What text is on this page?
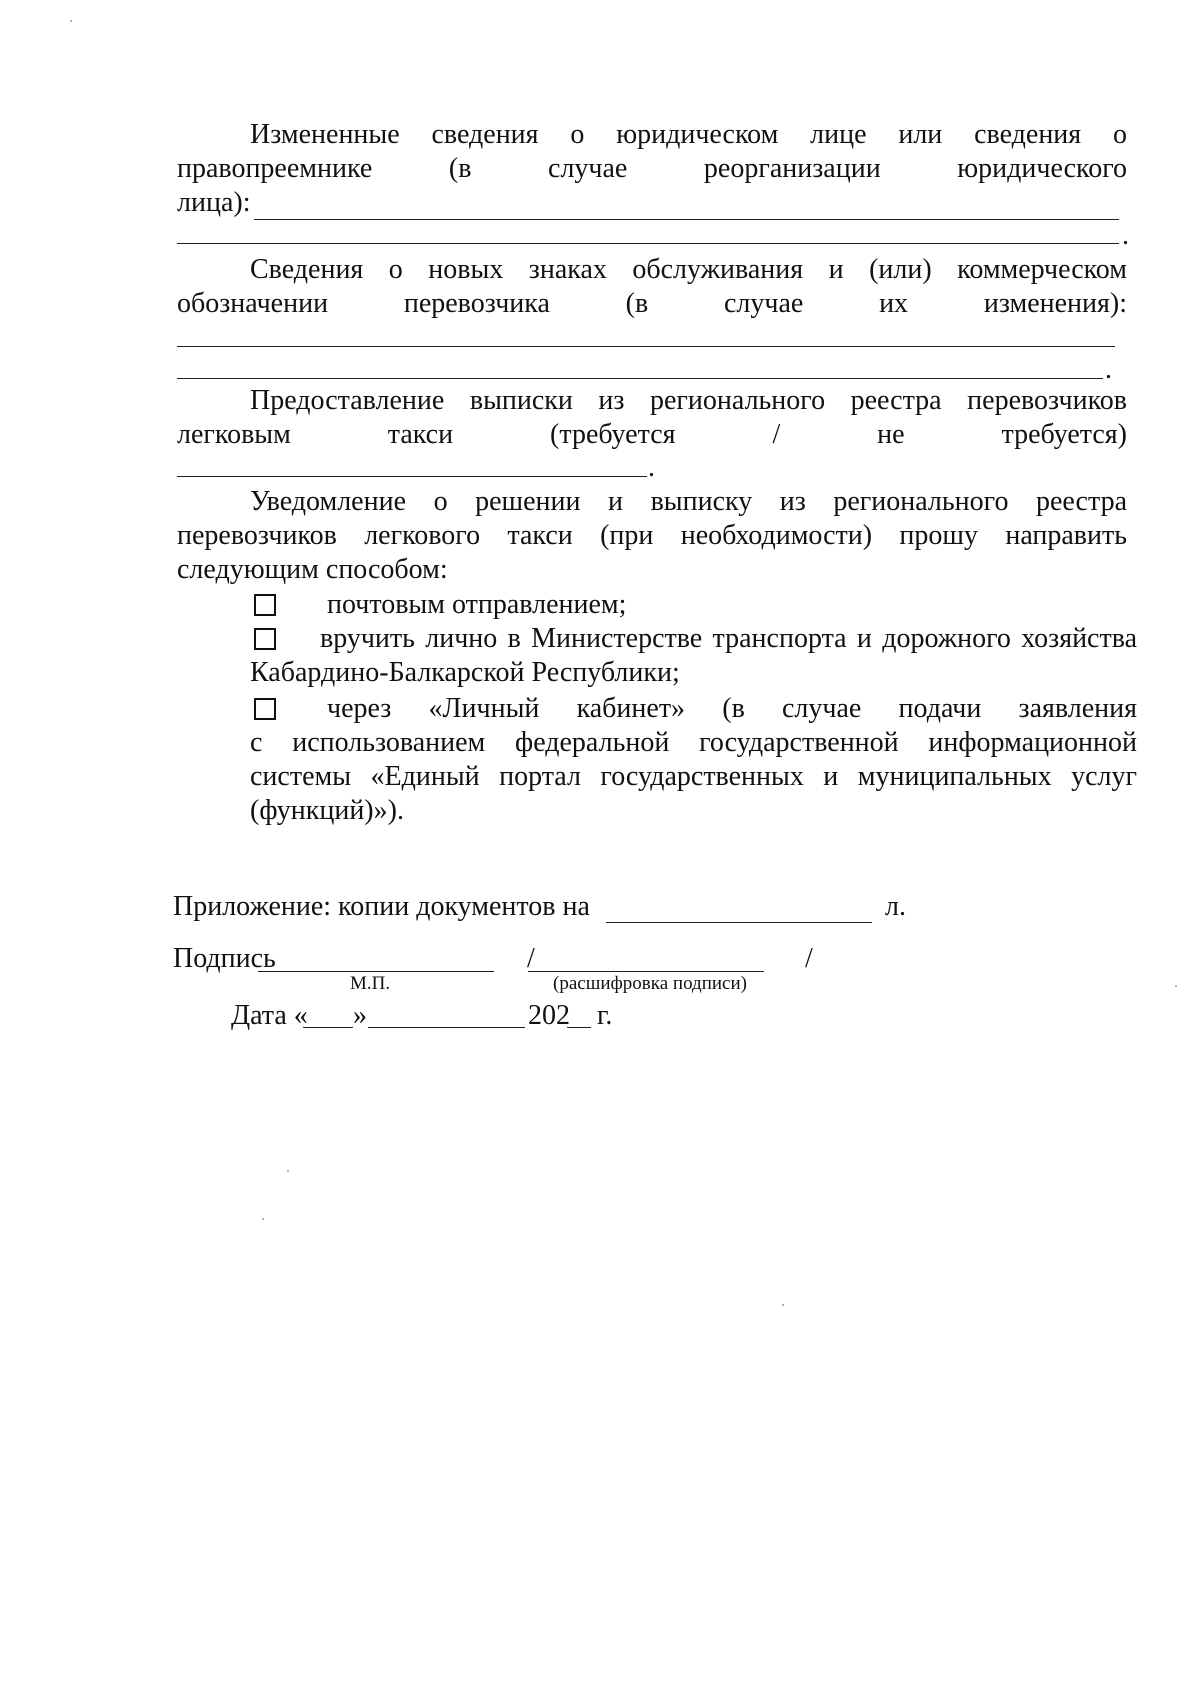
Измененные сведения о юридическом лице или сведения о

правопреемнике (в случае реорганизации юридического

лица):
.

Сведения о новых знаках обслуживания и (или) коммерческом

обозначении перевозчика (в случае их изменения):

.

Предоставление выписки из регионального реестра перевозчиков

легковым такси (требуется / не требуется)

.

Уведомление о решении и выписку из регионального реестра

перевозчиков легкового такси (при необходимости) прошу направить

следующим способом:

почтовым отправлением;

вручить лично в Министерстве транспорта и дорожного хозяйства

Кабардино-Балкарской Республики;

через «Личный кабинет» (в случае подачи заявления

с использованием федеральной государственной информационной

системы «Единый портал государственных и муниципальных услуг

(функций)»).

Приложение: копии документов на	л.
Подпись	/	/
М.П.	(расшифровка подписи)
Дата « »	202 г.
